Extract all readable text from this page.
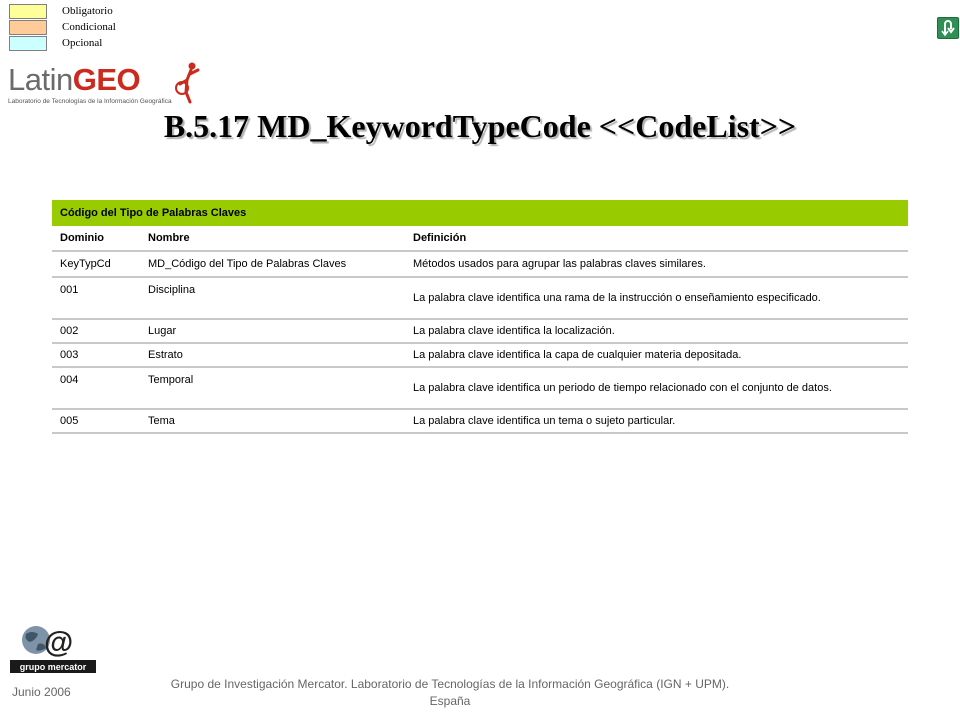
Obligatorio
Condicional
Opcional
LatinGEO
Laboratorio de Tecnologías de la Información Geográfica
B.5.17 MD_KeywordTypeCode <<CodeList>>
Código del Tipo de Palabras Claves		
Dominio	Nombre	Definición
KeyTypCd	MD_Código del Tipo de Palabras Claves	Métodos usados para agrupar las palabras claves similares.
001	Disciplina	La palabra clave identifica una rama de la instrucción o enseñamiento especificado.
002	Lugar	La palabra clave identifica la localización.
003	Estrato	La palabra clave identifica la capa de cualquier materia depositada.
004	Temporal	La palabra clave identifica un periodo de tiempo relacionado con el conjunto de datos.
005	Tema	La palabra clave identifica un tema o sujeto particular.
@
grupo mercator
Junio 2006
Grupo de Investigación Mercator. Laboratorio de Tecnologías de la Información Geográfica (IGN + UPM).
España
